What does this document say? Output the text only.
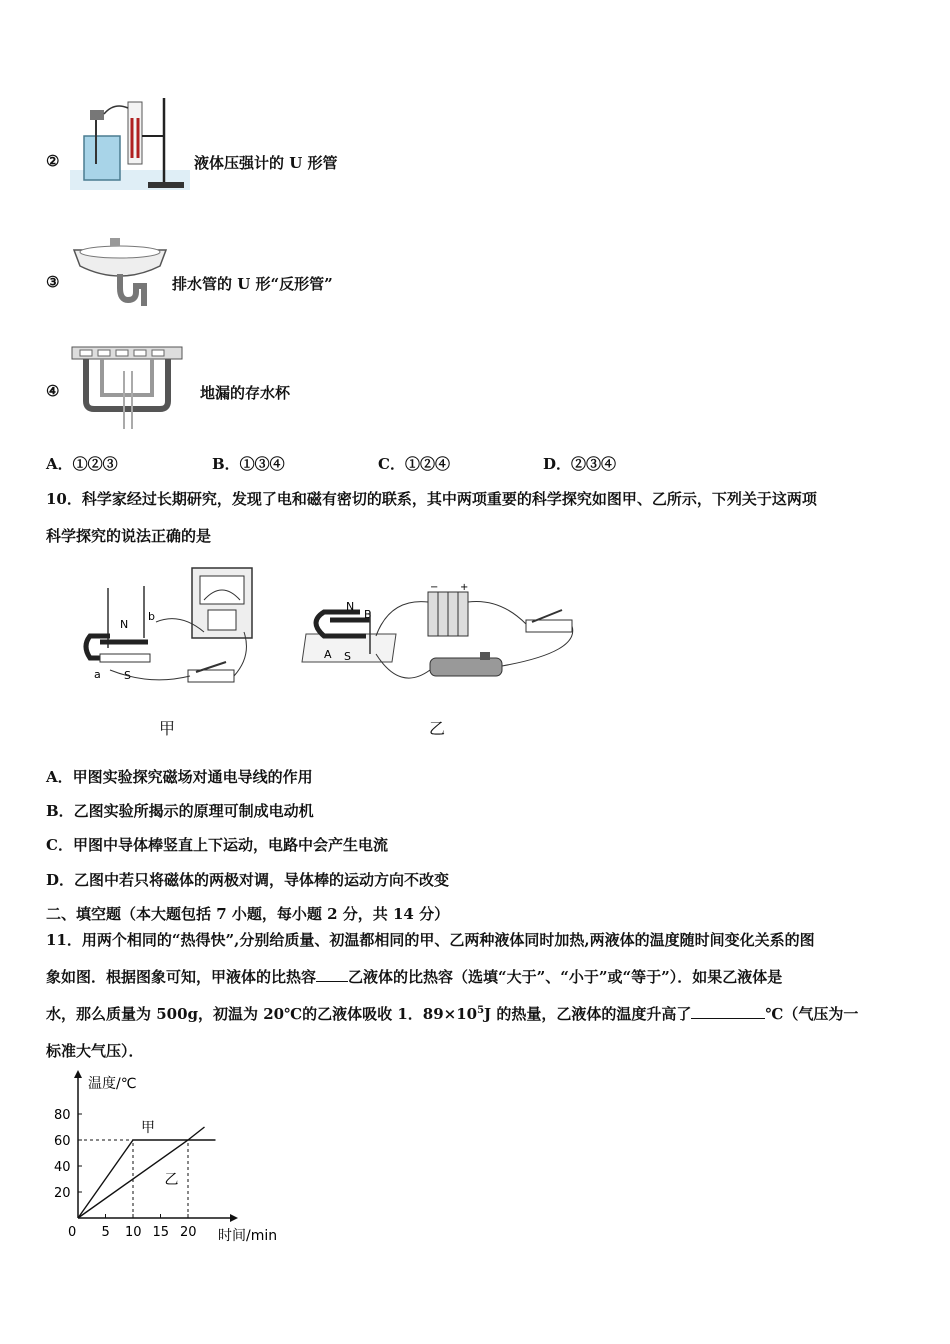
②	液体压强计的 U 形管
③	排水管的 U 形“反形管”
④	地漏的存水杯
A．①②③	B．①③④	C．①②④	D．②③④
10．科学家经过长期研究，发现了电和磁有密切的联系，其中两项重要的科学探究如图甲、乙所示，下列关于这两项
科学探究的说法正确的是
N
S
b
a
甲
N
S
A
B
− +
乙
A．甲图实验探究磁场对通电导线的作用
B．乙图实验所揭示的原理可制成电动机
C．甲图中导体棒竖直上下运动，电路中会产生电流
D．乙图中若只将磁体的两极对调，导体棒的运动方向不改变
二、填空题（本大题包括 7 小题，每小题 2 分，共 14 分）
11．用两个相同的“热得快”,分别给质量、初温都相同的甲、乙两种液体同时加热,两液体的温度随时间变化关系的图
象如图．根据图象可知，甲液体的比热容 乙液体的比热容（选填“大于”、“小于”或“等于”）．如果乙液体是
水，那么质量为 500g，初温为 20℃的乙液体吸收 1．$89\times 10^5J$ 的热量，乙液体的温度升高了	℃（气压为一
标准大气压）．
温度/℃
时间/min
0 5 10 15 20
20
40
60
80
甲
乙
